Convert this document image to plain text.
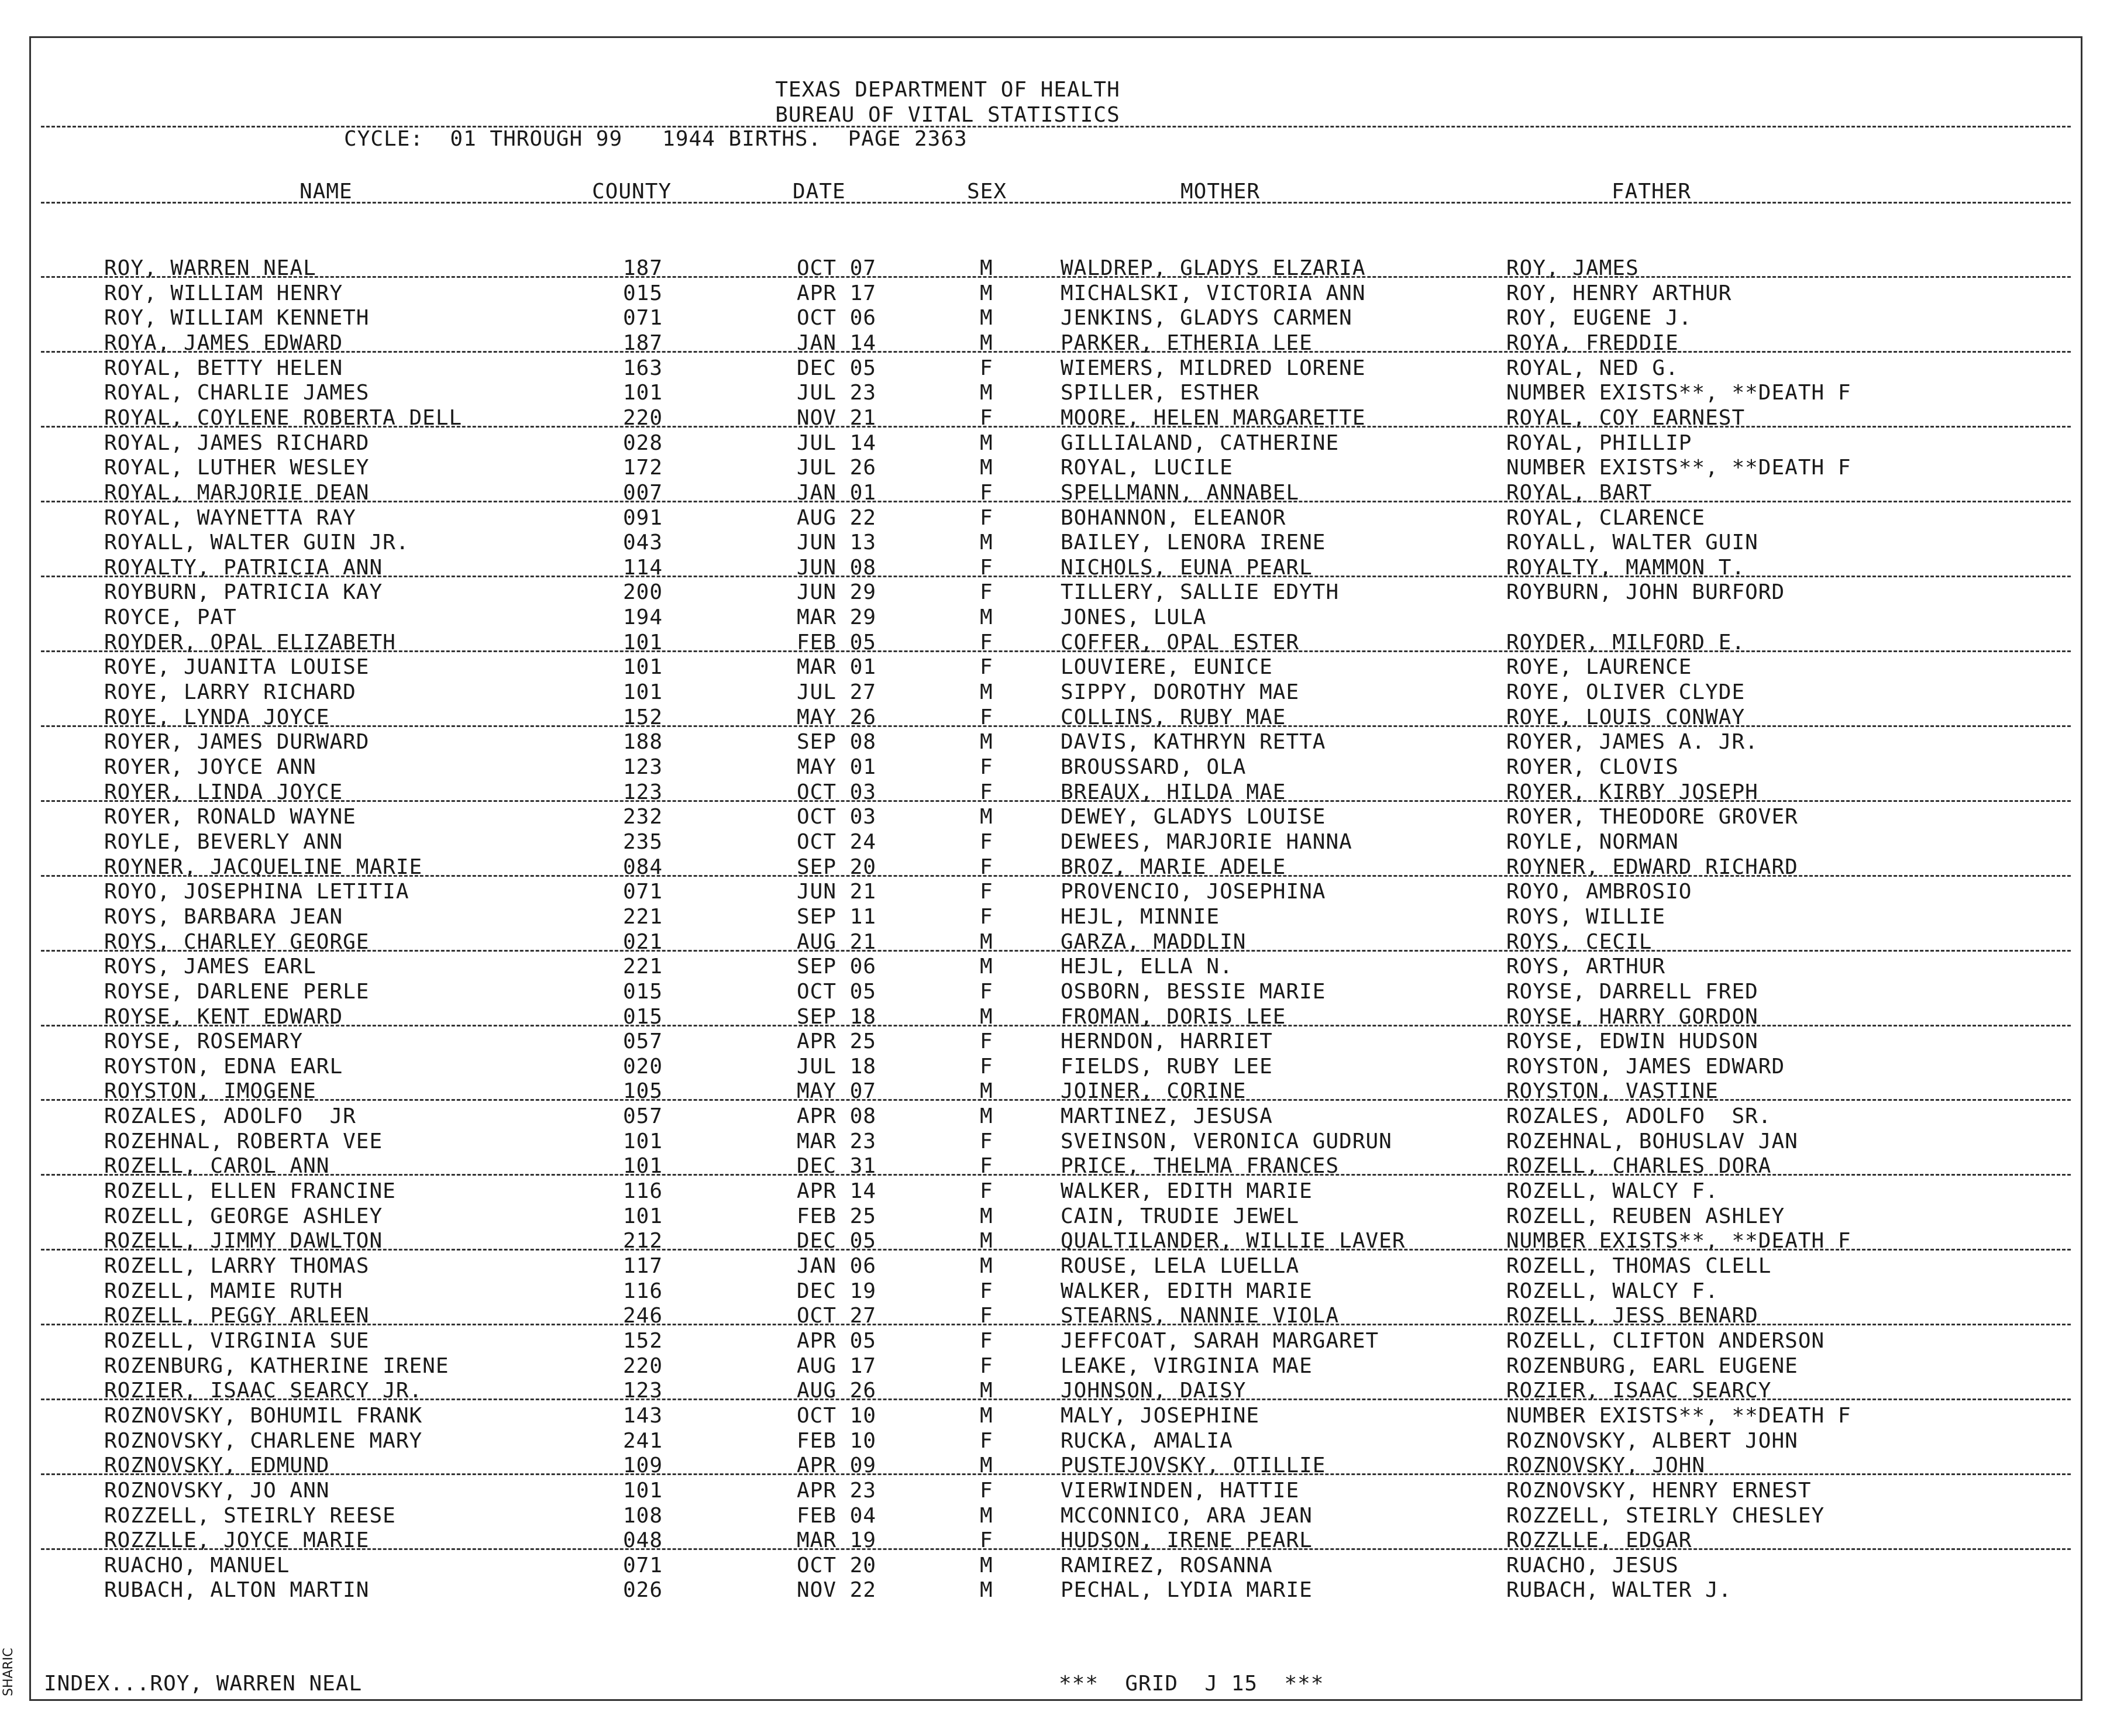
TEXAS DEPARTMENT OF HEALTH
BUREAU OF VITAL STATISTICS
CYCLE:  01 THROUGH 99   1944 BIRTHS.  PAGE 2363
NAME	COUNTY	DATE	SEX	MOTHER	FATHER
ROY, WARREN NEAL	187	OCT 07	M	WALDREP, GLADYS ELZARIA	ROY, JAMES
ROY, WILLIAM HENRY	015	APR 17	M	MICHALSKI, VICTORIA ANN	ROY, HENRY ARTHUR
ROY, WILLIAM KENNETH	071	OCT 06	M	JENKINS, GLADYS CARMEN	ROY, EUGENE J.
ROYA, JAMES EDWARD	187	JAN 14	M	PARKER, ETHERIA LEE	ROYA, FREDDIE
ROYAL, BETTY HELEN	163	DEC 05	F	WIEMERS, MILDRED LORENE	ROYAL, NED G.
ROYAL, CHARLIE JAMES	101	JUL 23	M	SPILLER, ESTHER	NUMBER EXISTS**, **DEATH F
ROYAL, COYLENE ROBERTA DELL	220	NOV 21	F	MOORE, HELEN MARGARETTE	ROYAL, COY EARNEST
ROYAL, JAMES RICHARD	028	JUL 14	M	GILLIALAND, CATHERINE	ROYAL, PHILLIP
ROYAL, LUTHER WESLEY	172	JUL 26	M	ROYAL, LUCILE	NUMBER EXISTS**, **DEATH F
ROYAL, MARJORIE DEAN	007	JAN 01	F	SPELLMANN, ANNABEL	ROYAL, BART
ROYAL, WAYNETTA RAY	091	AUG 22	F	BOHANNON, ELEANOR	ROYAL, CLARENCE
ROYALL, WALTER GUIN JR.	043	JUN 13	M	BAILEY, LENORA IRENE	ROYALL, WALTER GUIN
ROYALTY, PATRICIA ANN	114	JUN 08	F	NICHOLS, EUNA PEARL	ROYALTY, MAMMON T.
ROYBURN, PATRICIA KAY	200	JUN 29	F	TILLERY, SALLIE EDYTH	ROYBURN, JOHN BURFORD
ROYCE, PAT	194	MAR 29	M	JONES, LULA
ROYDER, OPAL ELIZABETH	101	FEB 05	F	COFFER, OPAL ESTER	ROYDER, MILFORD E.
ROYE, JUANITA LOUISE	101	MAR 01	F	LOUVIERE, EUNICE	ROYE, LAURENCE
ROYE, LARRY RICHARD	101	JUL 27	M	SIPPY, DOROTHY MAE	ROYE, OLIVER CLYDE
ROYE, LYNDA JOYCE	152	MAY 26	F	COLLINS, RUBY MAE	ROYE, LOUIS CONWAY
ROYER, JAMES DURWARD	188	SEP 08	M	DAVIS, KATHRYN RETTA	ROYER, JAMES A. JR.
ROYER, JOYCE ANN	123	MAY 01	F	BROUSSARD, OLA	ROYER, CLOVIS
ROYER, LINDA JOYCE	123	OCT 03	F	BREAUX, HILDA MAE	ROYER, KIRBY JOSEPH
ROYER, RONALD WAYNE	232	OCT 03	M	DEWEY, GLADYS LOUISE	ROYER, THEODORE GROVER
ROYLE, BEVERLY ANN	235	OCT 24	F	DEWEES, MARJORIE HANNA	ROYLE, NORMAN
ROYNER, JACQUELINE MARIE	084	SEP 20	F	BROZ, MARIE ADELE	ROYNER, EDWARD RICHARD
ROYO, JOSEPHINA LETITIA	071	JUN 21	F	PROVENCIO, JOSEPHINA	ROYO, AMBROSIO
ROYS, BARBARA JEAN	221	SEP 11	F	HEJL, MINNIE	ROYS, WILLIE
ROYS, CHARLEY GEORGE	021	AUG 21	M	GARZA, MADDLIN	ROYS, CECIL
ROYS, JAMES EARL	221	SEP 06	M	HEJL, ELLA N.	ROYS, ARTHUR
ROYSE, DARLENE PERLE	015	OCT 05	F	OSBORN, BESSIE MARIE	ROYSE, DARRELL FRED
ROYSE, KENT EDWARD	015	SEP 18	M	FROMAN, DORIS LEE	ROYSE, HARRY GORDON
ROYSE, ROSEMARY	057	APR 25	F	HERNDON, HARRIET	ROYSE, EDWIN HUDSON
ROYSTON, EDNA EARL	020	JUL 18	F	FIELDS, RUBY LEE	ROYSTON, JAMES EDWARD
ROYSTON, IMOGENE	105	MAY 07	M	JOINER, CORINE	ROYSTON, VASTINE
ROZALES, ADOLFO  JR	057	APR 08	M	MARTINEZ, JESUSA	ROZALES, ADOLFO  SR.
ROZEHNAL, ROBERTA VEE	101	MAR 23	F	SVEINSON, VERONICA GUDRUN	ROZEHNAL, BOHUSLAV JAN
ROZELL, CAROL ANN	101	DEC 31	F	PRICE, THELMA FRANCES	ROZELL, CHARLES DORA
ROZELL, ELLEN FRANCINE	116	APR 14	F	WALKER, EDITH MARIE	ROZELL, WALCY F.
ROZELL, GEORGE ASHLEY	101	FEB 25	M	CAIN, TRUDIE JEWEL	ROZELL, REUBEN ASHLEY
ROZELL, JIMMY DAWLTON	212	DEC 05	M	QUALTILANDER, WILLIE LAVER	NUMBER EXISTS**, **DEATH F
ROZELL, LARRY THOMAS	117	JAN 06	M	ROUSE, LELA LUELLA	ROZELL, THOMAS CLELL
ROZELL, MAMIE RUTH	116	DEC 19	F	WALKER, EDITH MARIE	ROZELL, WALCY F.
ROZELL, PEGGY ARLEEN	246	OCT 27	F	STEARNS, NANNIE VIOLA	ROZELL, JESS BENARD
ROZELL, VIRGINIA SUE	152	APR 05	F	JEFFCOAT, SARAH MARGARET	ROZELL, CLIFTON ANDERSON
ROZENBURG, KATHERINE IRENE	220	AUG 17	F	LEAKE, VIRGINIA MAE	ROZENBURG, EARL EUGENE
ROZIER, ISAAC SEARCY JR.	123	AUG 26	M	JOHNSON, DAISY	ROZIER, ISAAC SEARCY
ROZNOVSKY, BOHUMIL FRANK	143	OCT 10	M	MALY, JOSEPHINE	NUMBER EXISTS**, **DEATH F
ROZNOVSKY, CHARLENE MARY	241	FEB 10	F	RUCKA, AMALIA	ROZNOVSKY, ALBERT JOHN
ROZNOVSKY, EDMUND	109	APR 09	M	PUSTEJOVSKY, OTILLIE	ROZNOVSKY, JOHN
ROZNOVSKY, JO ANN	101	APR 23	F	VIERWINDEN, HATTIE	ROZNOVSKY, HENRY ERNEST
ROZZELL, STEIRLY REESE	108	FEB 04	M	MCCONNICO, ARA JEAN	ROZZELL, STEIRLY CHESLEY
ROZZLLE, JOYCE MARIE	048	MAR 19	F	HUDSON, IRENE PEARL	ROZZLLE, EDGAR
RUACHO, MANUEL	071	OCT 20	M	RAMIREZ, ROSANNA	RUACHO, JESUS
RUBACH, ALTON MARTIN	026	NOV 22	M	PECHAL, LYDIA MARIE	RUBACH, WALTER J.
INDEX...ROY, WARREN NEAL	***  GRID  J 15  ***
SHARIC
